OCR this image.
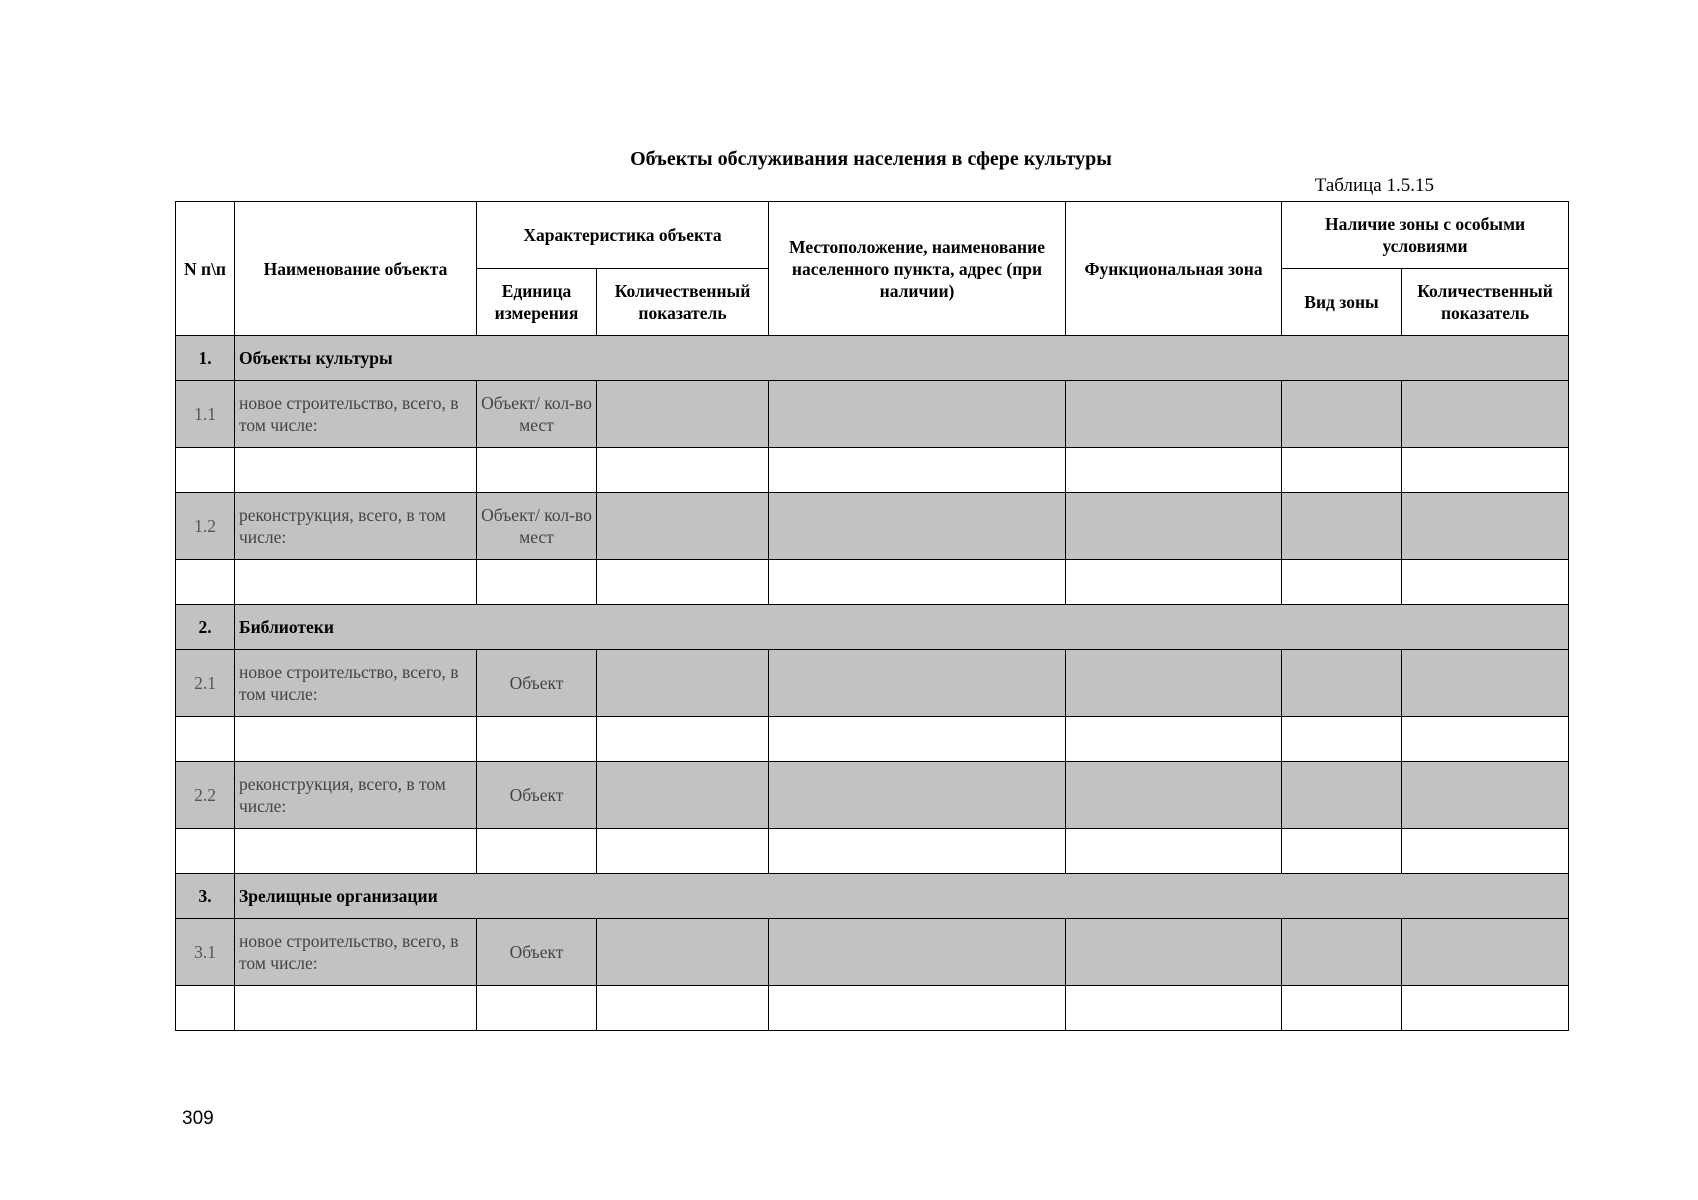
Объекты обслуживания населения в сфере культуры
Таблица 1.5.15
N п\п	Наименование объекта	Характеристика объекта		Местоположение, наименование населенного пункта, адрес (при наличии)	Функциональная зона	Наличие зоны с особыми условиями	
		Единица измерения	Количественный показатель			Вид зоны	Количественный показатель
1.	Объекты культуры						
1.1	новое строительство, всего, в том числе:	Объект/ кол-во мест					

1.2	реконструкция, всего, в том числе:	Объект/ кол-во мест					

2.	Библиотеки						
2.1	новое строительство, всего, в том числе:	Объект					

2.2	реконструкция, всего, в том числе:	Объект					

3.	Зрелищные организации						
3.1	новое строительство, всего, в том числе:	Объект					

309
